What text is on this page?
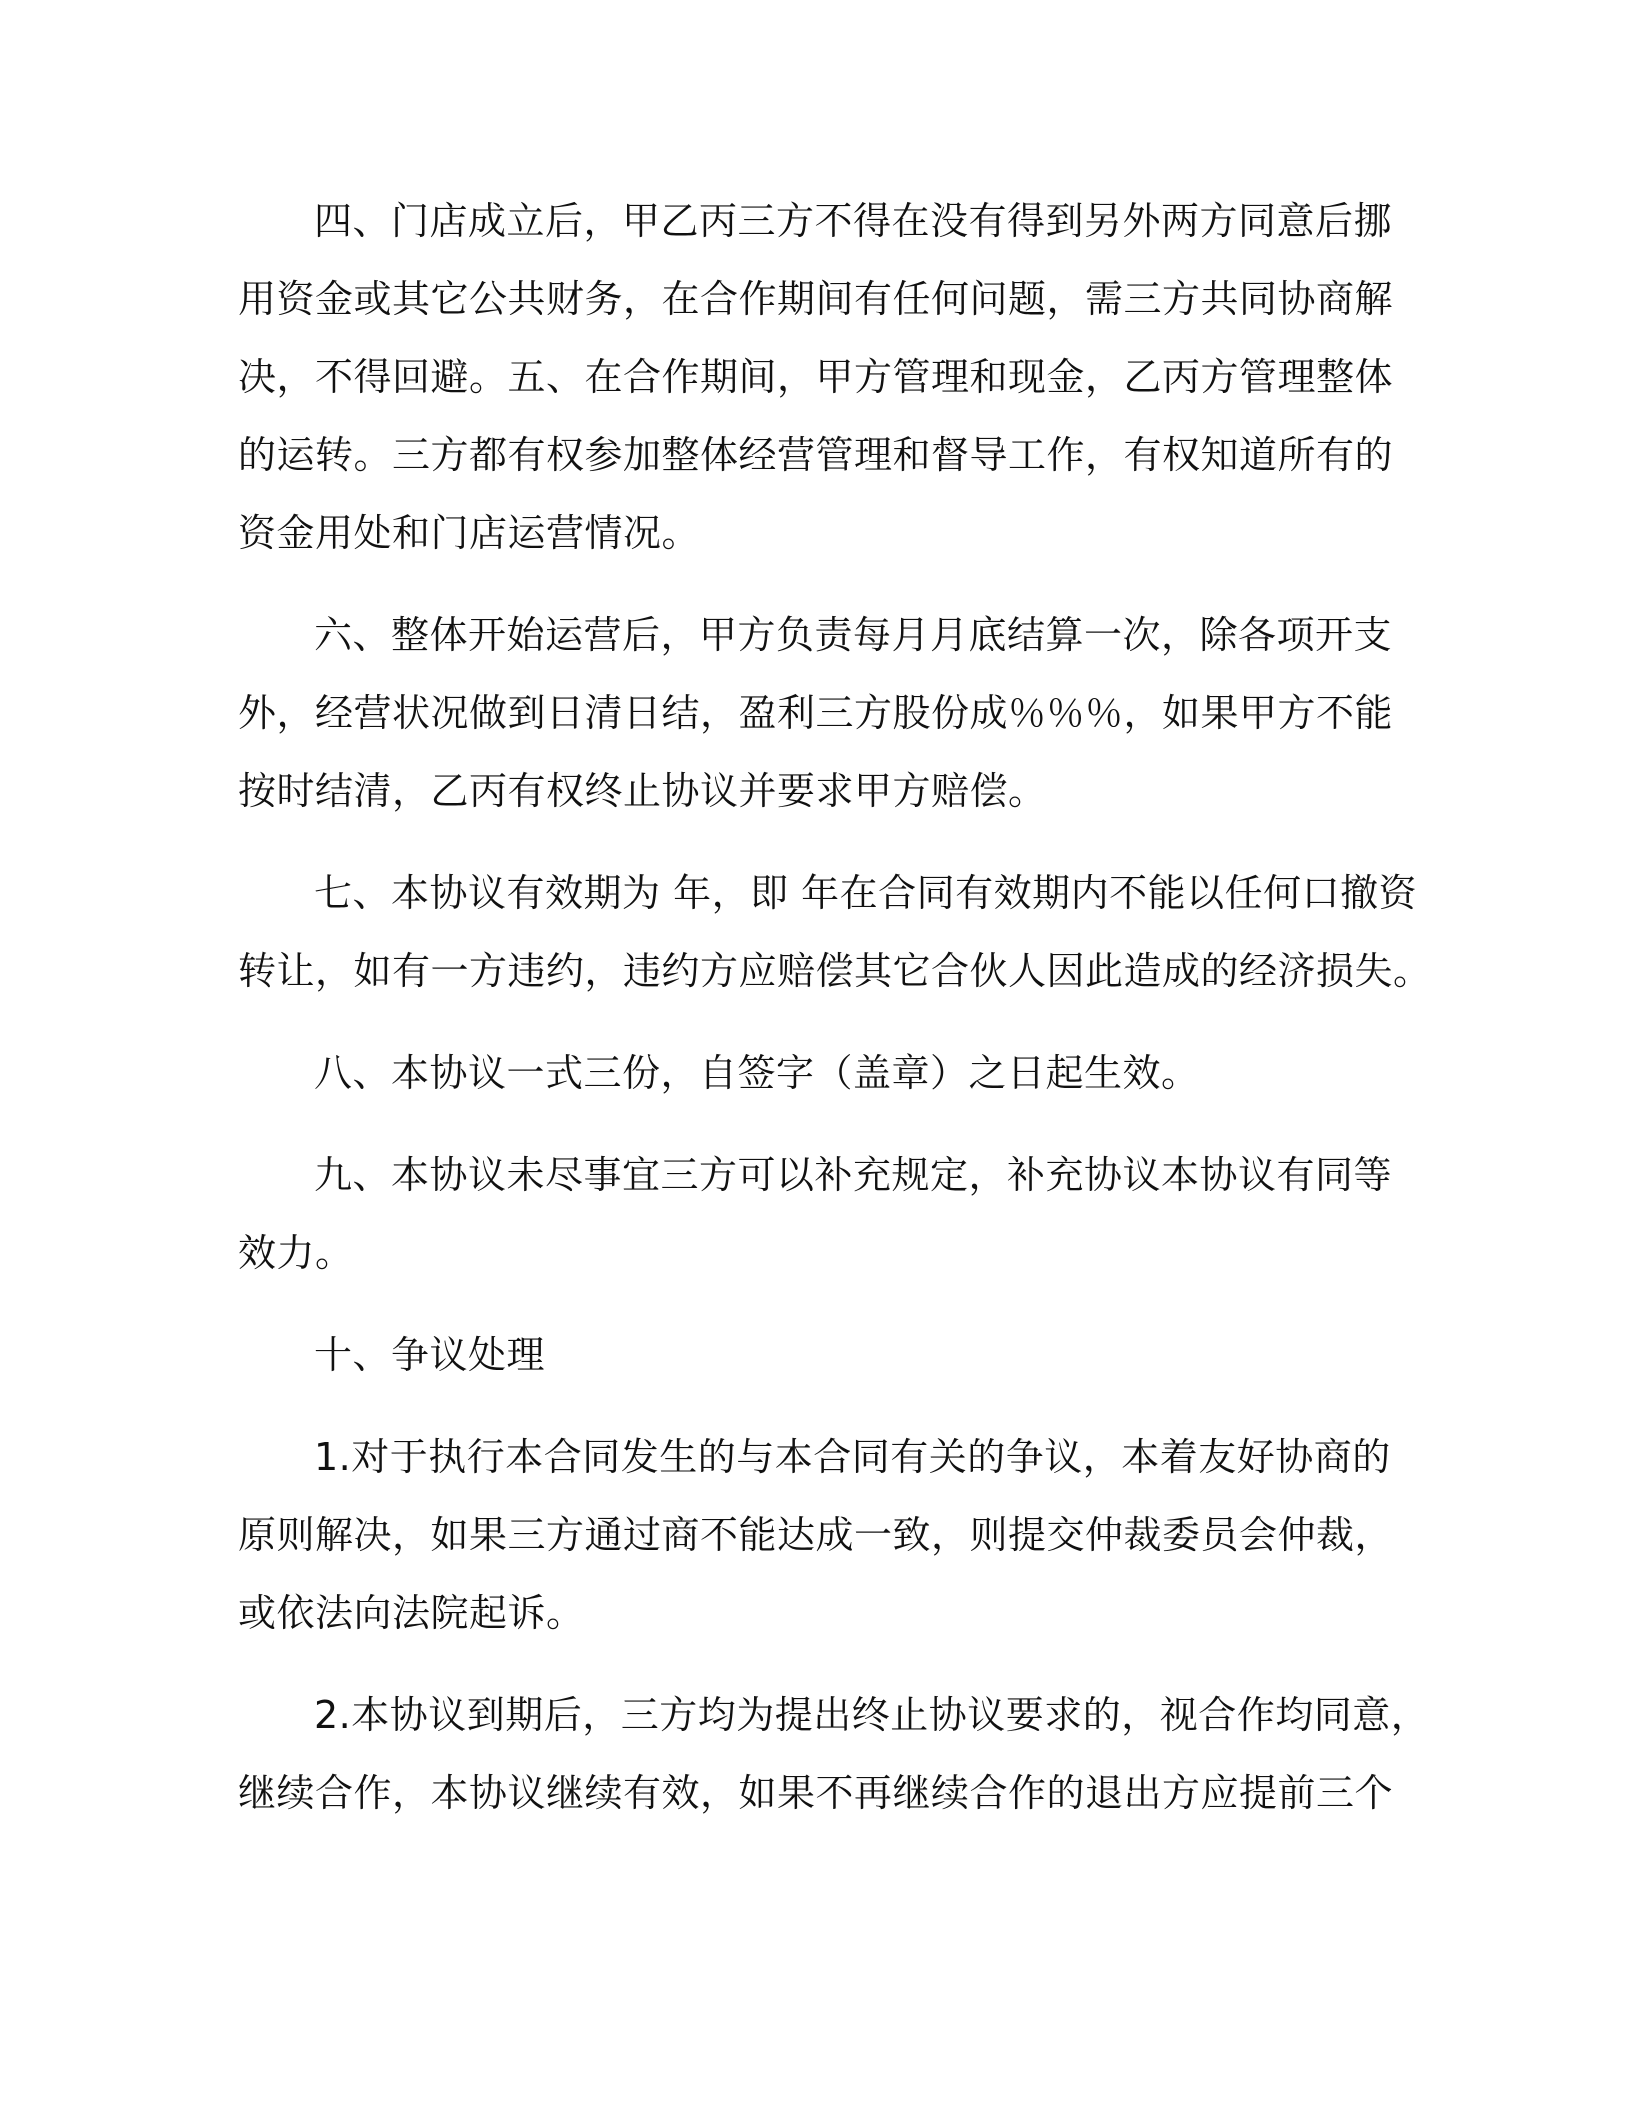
四、门店成立后，甲乙丙三方不得在没有得到另外两方同意后挪
用资金或其它公共财务，在合作期间有任何问题，需三方共同协商解
决，不得回避。五、在合作期间，甲方管理和现金，乙丙方管理整体
的运转。三方都有权参加整体经营管理和督导工作，有权知道所有的
资金用处和门店运营情况。
六、整体开始运营后，甲方负责每月月底结算一次，除各项开支
外，经营状况做到日清日结，盈利三方股份成％％％，如果甲方不能
按时结清，乙丙有权终止协议并要求甲方赔偿。
七、本协议有效期为 年，即 年在合同有效期内不能以任何口撤资
转让，如有一方违约，违约方应赔偿其它合伙人因此造成的经济损失。
八、本协议一式三份，自签字（盖章）之日起生效。
九、本协议未尽事宜三方可以补充规定，补充协议本协议有同等
效力。
十、争议处理
1.对于执行本合同发生的与本合同有关的争议，本着友好协商的
原则解决，如果三方通过商不能达成一致，则提交仲裁委员会仲裁，
或依法向法院起诉。
2.本协议到期后，三方均为提出终止协议要求的，视合作均同意，
继续合作，本协议继续有效，如果不再继续合作的退出方应提前三个
